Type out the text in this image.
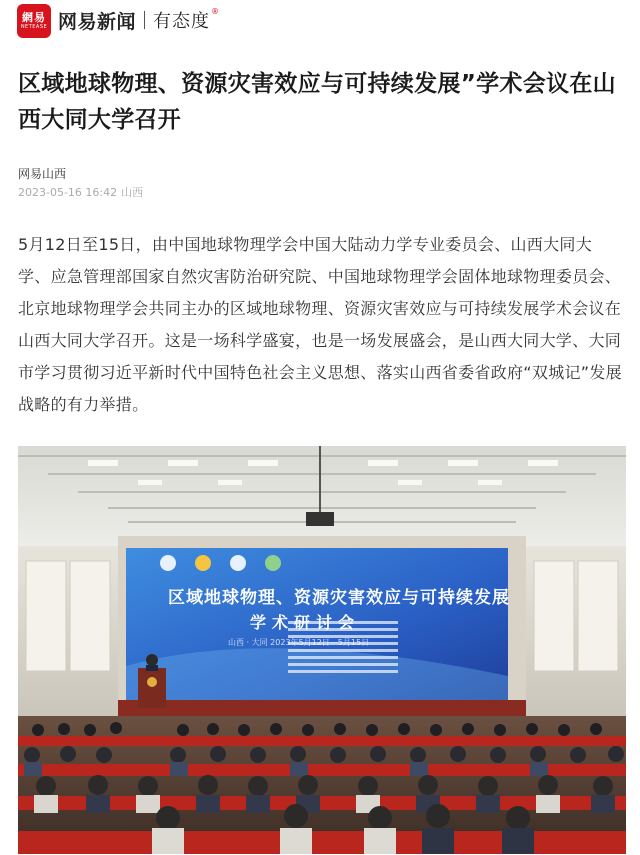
網易
NETEASE 网易新闻 有态度 ®
区域地球物理、资源灾害效应与可持续发展”学术会议在山西大同大学召开
网易山西
2023-05-16 16:42 山西

5月12日至15日，由中国地球物理学会中国大陆动力学专业委员会、山西大同大学、应急管理部国家自然灾害防治研究院、中国地球物理学会固体地球物理委员会、北京地球物理学会共同主办的区域地球物理、资源灾害效应与可持续发展学术会议在山西大同大学召开。这是一场科学盛宴，也是一场发展盛会，是山西大同大学、大同市学习贯彻习近平新时代中国特色社会主义思想、落实山西省委省政府“双城记”发展战略的有力举措。

区域地球物理、资源灾害效应与可持续发展
学术研讨会
山西 · 大同 2023年5月12日—5月15日
